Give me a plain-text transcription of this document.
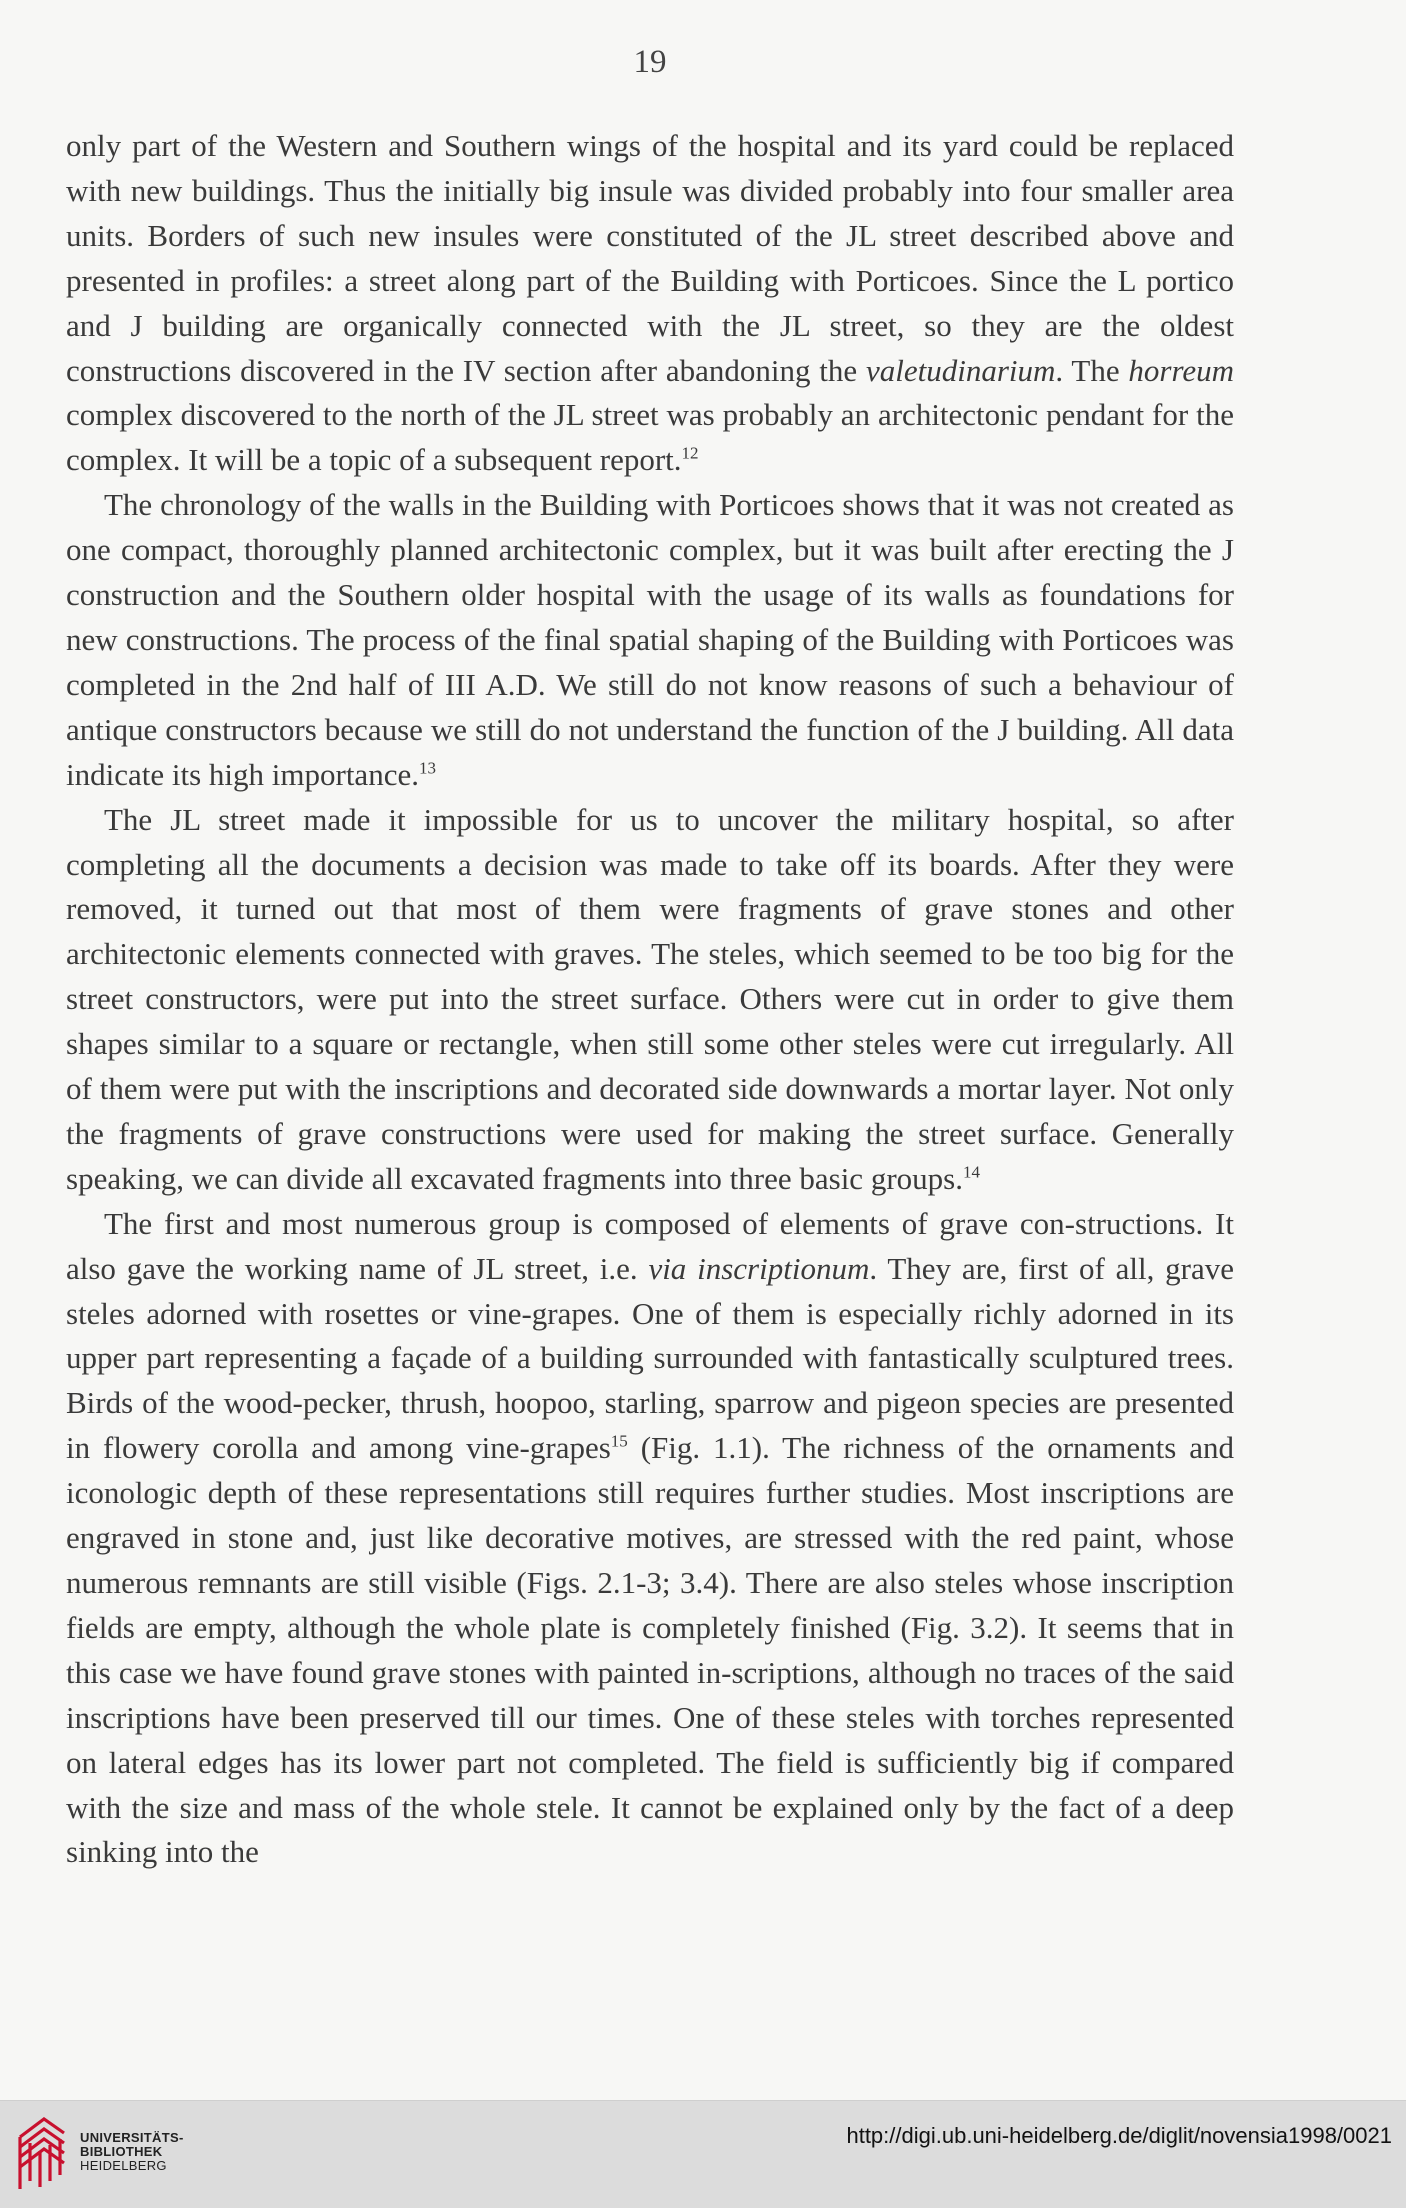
19

only part of the Western and Southern wings of the hospital and its yard could be replaced with new buildings. Thus the initially big insule was divided probably into four smaller area units. Borders of such new insules were constituted of the JL street described above and presented in profiles: a street along part of the Building with Porticoes. Since the L portico and J building are organically connected with the JL street, so they are the oldest constructions discovered in the IV section after abandoning the valetudinarium. The horreum complex discovered to the north of the JL street was probably an architectonic pendant for the complex. It will be a topic of a subsequent report.$^{12}$

The chronology of the walls in the Building with Porticoes shows that it was not created as one compact, thoroughly planned architectonic complex, but it was built after erecting the J construction and the Southern older hospital with the usage of its walls as foundations for new constructions. The process of the final spatial shaping of the Building with Porticoes was completed in the 2nd half of III A.D. We still do not know reasons of such a behaviour of antique constructors because we still do not understand the function of the J building. All data indicate its high importance.$^{13}$

The JL street made it impossible for us to uncover the military hospital, so after completing all the documents a decision was made to take off its boards. After they were removed, it turned out that most of them were fragments of grave stones and other architectonic elements connected with graves. The steles, which seemed to be too big for the street constructors, were put into the street surface. Others were cut in order to give them shapes similar to a square or rectangle, when still some other steles were cut irregularly. All of them were put with the inscriptions and decorated side downwards a mortar layer. Not only the fragments of grave constructions were used for making the street surface. Generally speaking, we can divide all excavated fragments into three basic groups.$^{14}$

The first and most numerous group is composed of elements of grave con-structions. It also gave the working name of JL street, i.e. via inscriptionum. They are, first of all, grave steles adorned with rosettes or vine-grapes. One of them is especially richly adorned in its upper part representing a façade of a building surrounded with fantastically sculptured trees. Birds of the wood-pecker, thrush, hoopoo, starling, sparrow and pigeon species are presented in flowery corolla and among vine-grapes$^{15}$ (Fig. 1.1). The richness of the ornaments and iconologic depth of these representations still requires further studies. Most inscriptions are engraved in stone and, just like decorative motives, are stressed with the red paint, whose numerous remnants are still visible (Figs. 2.1-3; 3.4). There are also steles whose inscription fields are empty, although the whole plate is completely finished (Fig. 3.2). It seems that in this case we have found grave stones with painted in-scriptions, although no traces of the said inscriptions have been preserved till our times. One of these steles with torches represented on lateral edges has its lower part not completed. The field is sufficiently big if compared with the size and mass of the whole stele. It cannot be explained only by the fact of a deep sinking into the

UNIVERSITÄTS-
BIBLIOTHEK
HEIDELBERG
http://digi.ub.uni-heidelberg.de/diglit/novensia1998/0021
